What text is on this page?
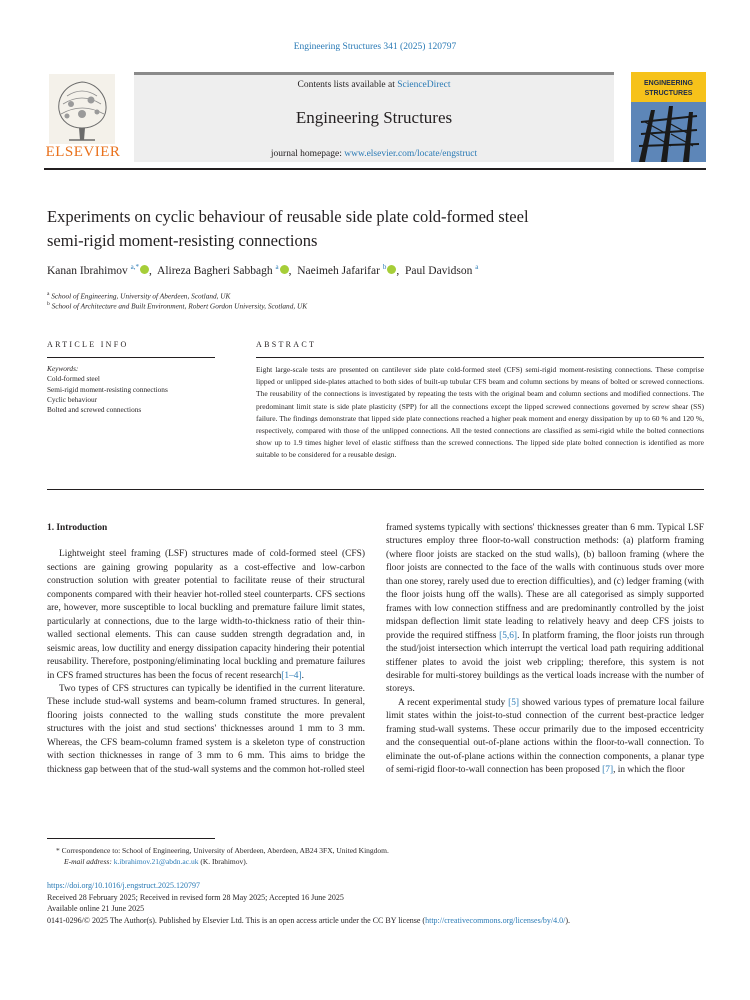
Engineering Structures 341 (2025) 120797
ELSEVIER
Contents lists available at ScienceDirect
Engineering Structures
journal homepage: www.elsevier.com/locate/engstruct
ENGINEERING
STRUCTURES
Experiments on cyclic behaviour of reusable side plate cold-formed steel
semi-rigid moment-resisting connections
Kanan Ibrahimov $^{a,*}$ ,  Alireza Bagheri Sabbagh $^a$ ,  Naeimeh Jafarifar $^b$ ,  Paul Davidson $^a$
$^a$ School of Engineering, University of Aberdeen, Scotland, UK
$^b$ School of Architecture and Built Environment, Robert Gordon University, Scotland, UK
ARTICLE INFO	ABSTRACT
Keywords:
Cold-formed steel
Semi-rigid moment-resisting connections
Cyclic behaviour
Bolted and screwed connections
Eight large-scale tests are presented on cantilever side plate cold-formed steel (CFS) semi-rigid moment-resisting connections. These comprise lipped or unlipped side-plates attached to both sides of built-up tubular CFS beam and column sections by means of bolted or screwed connections. The reusability of the connections is investigated by repeating the tests with the original beam and column sections and modified connections. The predominant limit state is side plate plasticity (SPP) for all the connections except the lipped screwed connections governed by screw shear (SS) failure. The findings demonstrate that lipped side plate connections reached a higher peak moment and energy dissipation by up to 60 % and 120 %, respectively, compared with those of the unlipped connections. All the tested connections are classified as semi-rigid while the bolted connections show up to 1.9 times higher level of elastic stiffness than the screwed connections. The lipped side plate bolted connection is identified as more suitable to be considered for a reusable design.
1. Introduction

Lightweight steel framing (LSF) structures made of cold-formed steel (CFS) sections are gaining growing popularity as a cost-effective and low-carbon construction solution with greater potential to facilitate reuse of their structural components compared with their heavier hot-rolled steel counterparts. CFS sections are, however, more susceptible to local buckling and premature failure limit states, particularly at connections, due to the large width-to-thickness ratio of their thin-walled sectional elements. This can cause sudden strength degradation and, in seismic areas, low ductility and energy dissipation capacity hindering their potential reusability. Therefore, postponing/eliminating local buckling and premature failures in CFS framed structures has been the focus of recent research[1–4].

Two types of CFS structures can typically be identified in the current literature. These include stud-wall systems and beam-column framed structures. In general, flooring joists connected to the walling studs constitute the more prevalent structures with the joist and stud sections' thicknesses around 1 mm to 3 mm. Whereas, the CFS beam-column framed system is a skeleton type of construction with section thicknesses in range of 3 mm to 6 mm. This aims to bridge the thickness gap between that of the stud-wall systems and the common hot-rolled steel

framed systems typically with sections' thicknesses greater than 6 mm. Typical LSF structures employ three floor-to-wall construction methods: (a) platform framing (where floor joists are stacked on the stud walls), (b) balloon framing (where the floor joists are connected to the face of the walls with continuous studs over more than one storey, rarely used due to erection difficulties), and (c) ledger framing (with the floor joists hung off the walls). These are all categorised as simply supported frames with low connection stiffness and are predominantly controlled by the joist midspan deflection limit state leading to relatively heavy and deep CFS joists to provide the required stiffness [5,6]. In platform framing, the floor joists run through the stud/joist intersection which interrupt the vertical load path requiring additional stiffener plates to avoid the joist web crippling; therefore, this system is not desirable for multi-storey buildings as the vertical loads increase with the number of storeys.

A recent experimental study [5] showed various types of premature local failure limit states within the joist-to-stud connection of the current best-practice ledger framing stud-wall systems. These occur primarily due to the imposed eccentricity and the consequential out-of-plane actions within the floor-to-wall connection. To eliminate the out-of-plane actions within the connection components, a planar type of semi-rigid floor-to-wall connection has been proposed [7], in which the floor

* Correspondence to: School of Engineering, University of Aberdeen, Aberdeen, AB24 3FX, United Kingdom.
E-mail address: k.ibrahimov.21@abdn.ac.uk (K. Ibrahimov).
https://doi.org/10.1016/j.engstruct.2025.120797
Received 28 February 2025; Received in revised form 28 May 2025; Accepted 16 June 2025
Available online 21 June 2025
0141-0296/© 2025 The Author(s). Published by Elsevier Ltd. This is an open access article under the CC BY license (http://creativecommons.org/licenses/by/4.0/).
